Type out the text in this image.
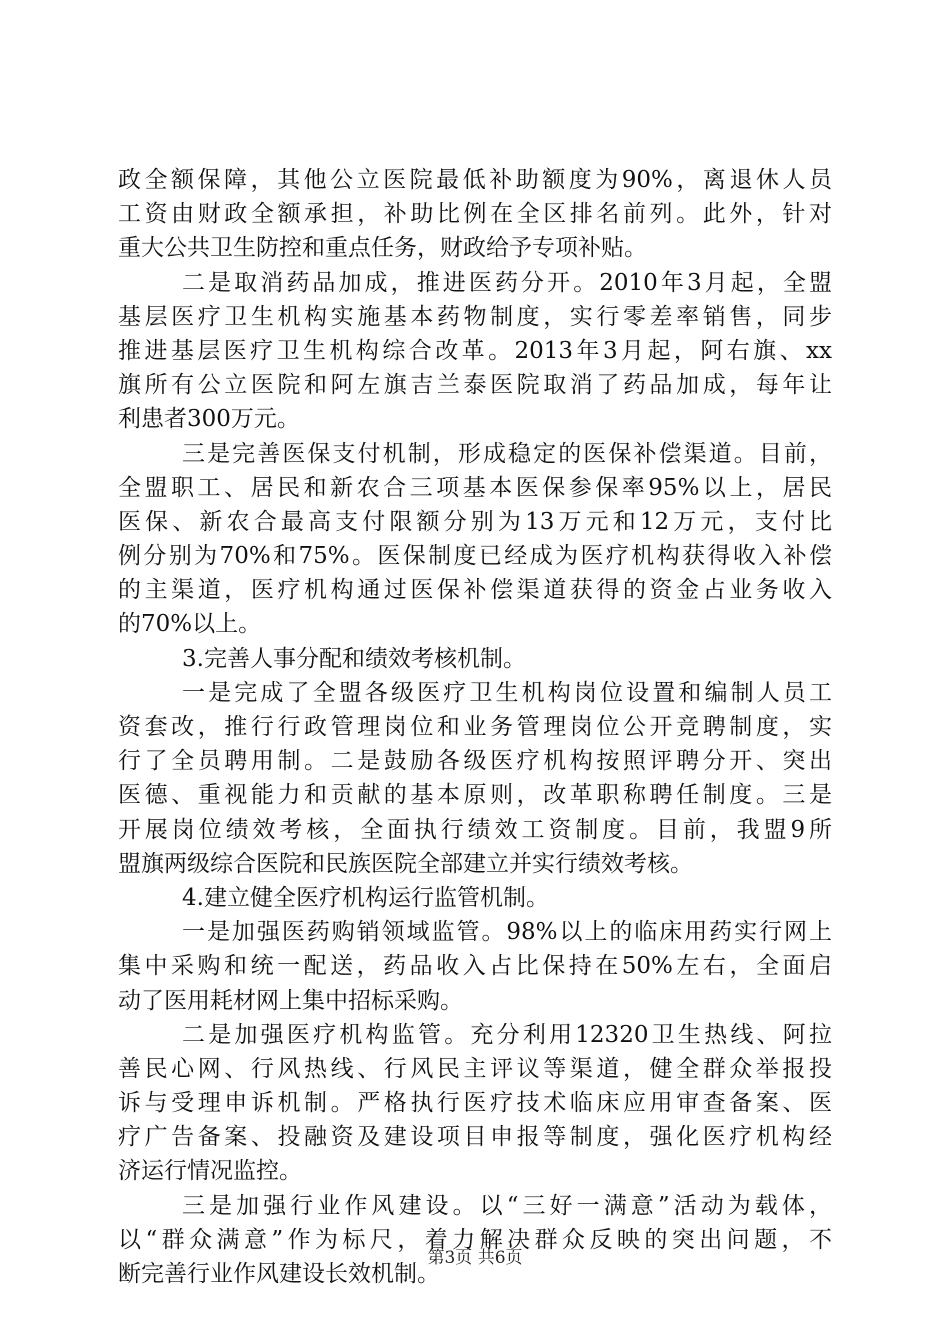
政全额保障，其他公立医院最低补助额度为90%，离退休人员
工资由财政全额承担，补助比例在全区排名前列。此外，针对
重大公共卫生防控和重点任务，财政给予专项补贴。
二是取消药品加成，推进医药分开。2010年3月起，全盟
基层医疗卫生机构实施基本药物制度，实行零差率销售，同步
推进基层医疗卫生机构综合改革。2013年3月起，阿右旗、xx
旗所有公立医院和阿左旗吉兰泰医院取消了药品加成，每年让
利患者300万元。
三是完善医保支付机制，形成稳定的医保补偿渠道。目前，
全盟职工、居民和新农合三项基本医保参保率95%以上，居民
医保、新农合最高支付限额分别为13万元和12万元，支付比
例分别为70%和75%。医保制度已经成为医疗机构获得收入补偿
的主渠道，医疗机构通过医保补偿渠道获得的资金占业务收入
的70%以上。
3.完善人事分配和绩效考核机制。
一是完成了全盟各级医疗卫生机构岗位设置和编制人员工
资套改，推行行政管理岗位和业务管理岗位公开竞聘制度，实
行了全员聘用制。二是鼓励各级医疗机构按照评聘分开、突出
医德、重视能力和贡献的基本原则，改革职称聘任制度。三是
开展岗位绩效考核，全面执行绩效工资制度。目前，我盟9所
盟旗两级综合医院和民族医院全部建立并实行绩效考核。
4.建立健全医疗机构运行监管机制。
一是加强医药购销领域监管。98%以上的临床用药实行网上
集中采购和统一配送，药品收入占比保持在50%左右，全面启
动了医用耗材网上集中招标采购。
二是加强医疗机构监管。充分利用12320卫生热线、阿拉
善民心网、行风热线、行风民主评议等渠道，健全群众举报投
诉与受理申诉机制。严格执行医疗技术临床应用审查备案、医
疗广告备案、投融资及建设项目申报等制度，强化医疗机构经
济运行情况监控。
三是加强行业作风建设。以“三好一满意”活动为载体，
以“群众满意”作为标尺，着力解决群众反映的突出问题，不
断完善行业作风建设长效机制。
第3页 共6页
